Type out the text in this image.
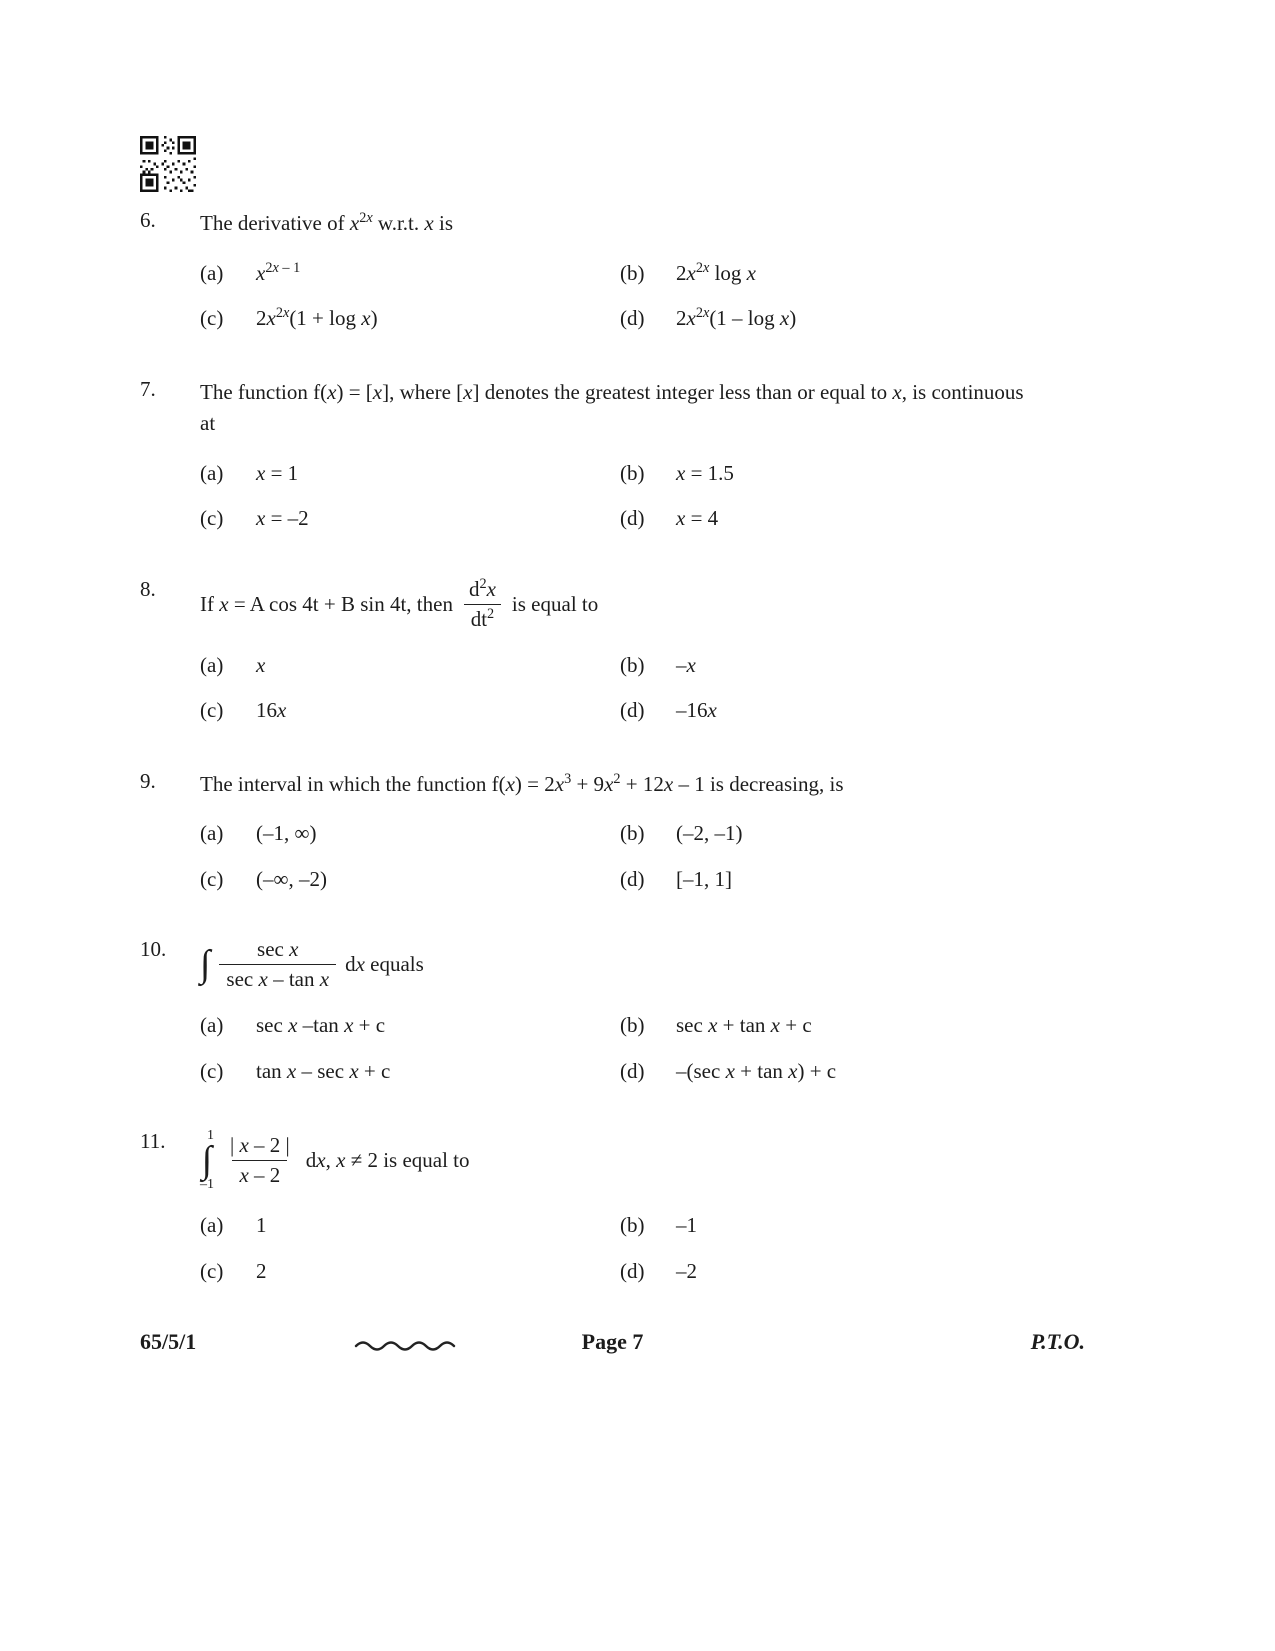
6.	The derivative of $x^{2x}$ w.r.t. x is
(a)	$x^{2x - 1}$	(b)	$2x^{2x}$ log x
(c)	$2x^{2x}(1 + \log x)$	(d)	$2x^{2x}(1$ – log x)
7.	The function f(x) = [x], where [x] denotes the greatest integer less than or equal to x, is continuous at
(a)	x = 1	(b)	x = 1.5
(c)	x = –2	(d)	x = 4
8.
If x = A cos 4t + B sin 4t, then $\frac{d^2x}{dt^2}$ is equal to
(a)	x	(b)	–x
(c)	16x	(d)	–16x
9.	The interval in which the function $f(x) = 2x^3 + 9x^2 + 12x - 1$ is decreasing, is
(a)	(–1, ∞)	(b)	(–2, –1)
(c)	(–∞, –2)	(d)	[–1, 1]
10. ∫ $\frac{\text{sec x}}{\text{sec x – tan x}}$ dx equals
(a)	sec x –tan x + c	(b)	sec x + tan x + c
(c)	tan x – sec x + c	(d)	–(sec x + tan x) + c
11.	1
∫
$-1 \frac{| x - 2 |}{x - 2}$ dx, x ≠ 2 is equal to
(a)	1	(b)	–1
(c)	2	(d)	–2
65/5/1	Page 7	P.T.O.
